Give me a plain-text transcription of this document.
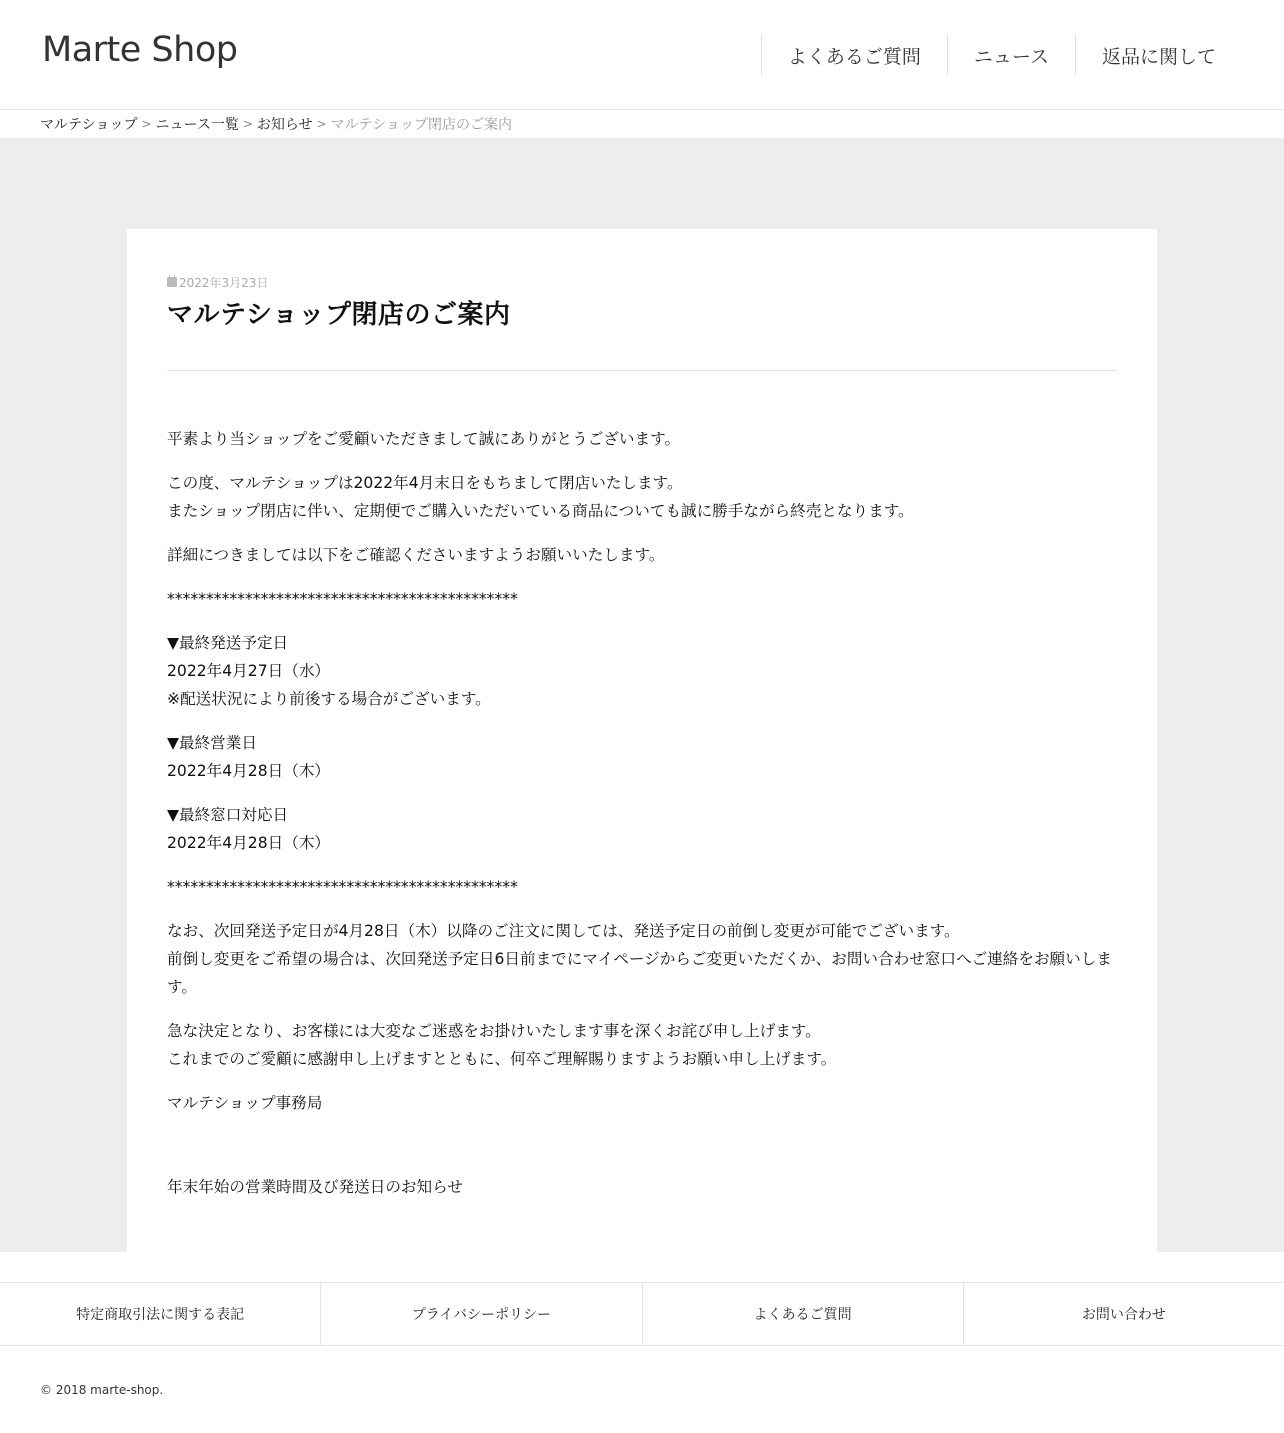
Marte Shop	よくあるご質問	ニュース	返品に関して
マルテショップ > ニュース一覧 > お知らせ > マルテショップ閉店のご案内
2022年3月23日
マルテショップ閉店のご案内

平素より当ショップをご愛顧いただきまして誠にありがとうございます。

この度、マルテショップは2022年4月末日をもちまして閉店いたします。
またショップ閉店に伴い、定期便でご購入いただいている商品についても誠に勝手ながら終売となります。

詳細につきましては以下をご確認くださいますようお願いいたします。

*********************************************

▼最終発送予定日
2022年4月27日（水）
※配送状況により前後する場合がございます。

▼最終営業日
2022年4月28日（木）

▼最終窓口対応日
2022年4月28日（木）

*********************************************

なお、次回発送予定日が4月28日（木）以降のご注文に関しては、発送予定日の前倒し変更が可能でございます。
前倒し変更をご希望の場合は、次回発送予定日6日前までにマイページからご変更いただくか、お問い合わせ窓口へご連絡をお願いします。

急な決定となり、お客様には大変なご迷惑をお掛けいたします事を深くお詫び申し上げます。
これまでのご愛顧に感謝申し上げますとともに、何卒ご理解賜りますようお願い申し上げます。

マルテショップ事務局

年末年始の営業時間及び発送日のお知らせ
特定商取引法に関する表記	プライバシーポリシー	よくあるご質問	お問い合わせ
© 2018 marte-shop.
